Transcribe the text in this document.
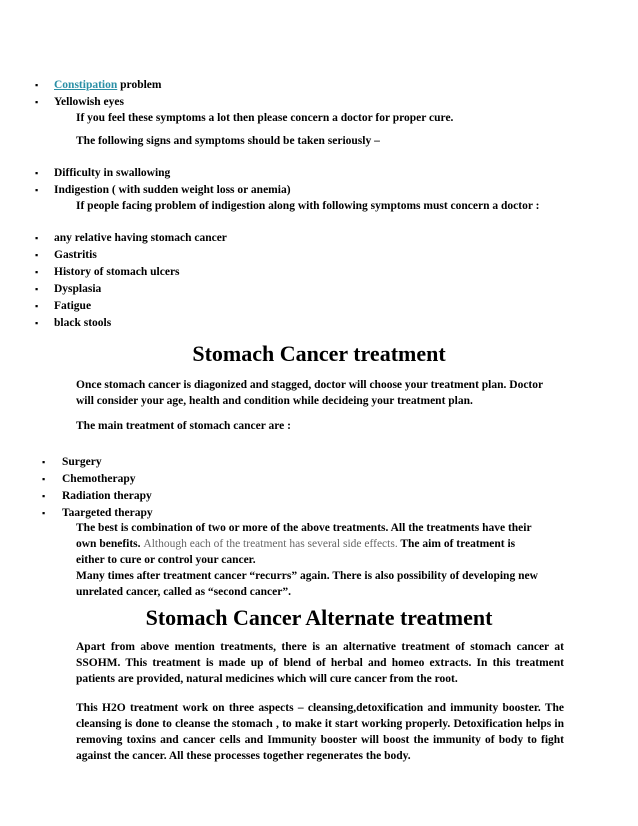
▪ Constipation problem
▪ Yellowish eyes
If you feel these symptoms a lot then please concern a doctor for proper cure.
The following signs and symptoms should be taken seriously –
▪ Difficulty in swallowing
▪ Indigestion ( with sudden weight loss or anemia)
If people facing problem of indigestion along with following symptoms must concern a doctor :
▪ any relative having stomach cancer
▪ Gastritis
▪ History of stomach ulcers
▪ Dysplasia
▪ Fatigue
▪ black stools
Stomach Cancer treatment
Once stomach cancer is diagonized and stagged, doctor will choose your treatment plan. Doctor
will consider your age, health and condition while decideing your treatment plan.
The main treatment of stomach cancer are :
▪ Surgery
▪ Chemotherapy
▪ Radiation therapy
▪ Taargeted therapy
The best is combination of two or more of the above treatments. All the treatments have their
own benefits. Although each of the treatment has several side effects. The aim of treatment is
either to cure or control your cancer.
Many times after treatment cancer “recurrs” again. There is also possibility of developing new
unrelated cancer, called as “second cancer”.
Stomach Cancer Alternate treatment
Apart from above mention treatments, there is an alternative treatment of stomach cancer at SSOHM. This treatment is made up of blend of herbal and homeo extracts. In this treatment patients are provided, natural medicines which will cure cancer from the root.
This H2O treatment work on three aspects – cleansing,detoxification and immunity booster. The cleansing is done to cleanse the stomach , to make it start working properly. Detoxification helps in removing toxins and cancer cells and Immunity booster will boost the immunity of body to fight against the cancer. All these processes together regenerates the body.
